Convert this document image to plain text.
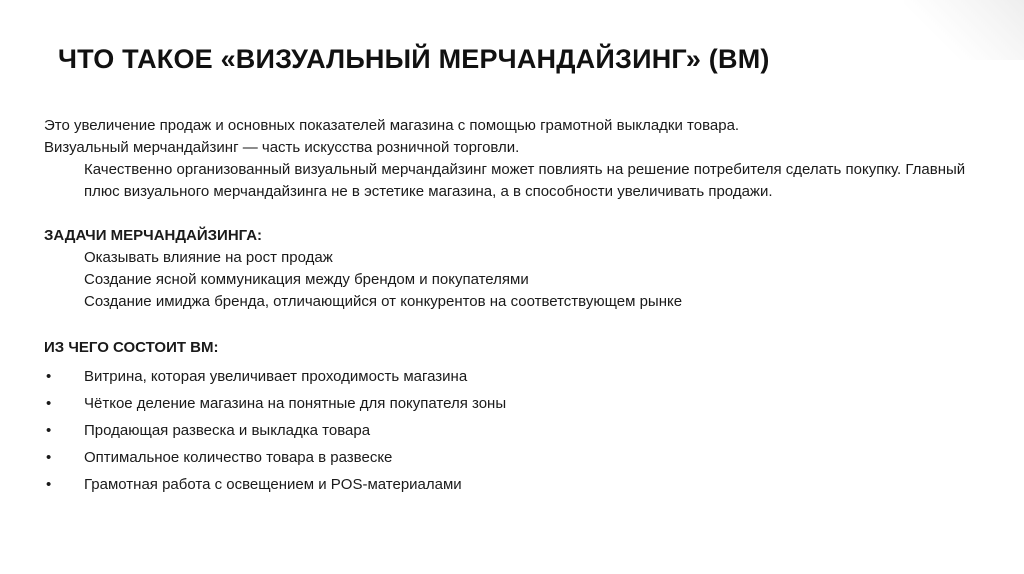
ЧТО ТАКОЕ «ВИЗУАЛЬНЫЙ МЕРЧАНДАЙЗИНГ» (ВМ)

Это увеличение продаж и основных показателей магазина с помощью грамотной выкладки товара.

Визуальный мерчандайзинг — часть искусства розничной торговли.

Качественно организованный визуальный мерчандайзинг может повлиять на решение потребителя сделать покупку. Главный плюс визуального мерчандайзинга не в эстетике магазина, а в способности увеличивать продажи.

ЗАДАЧИ МЕРЧАНДАЙЗИНГА:

Оказывать влияние на рост продаж
Создание ясной коммуникация между брендом и покупателями
Создание имиджа бренда, отличающийся от конкурентов на соответствующем рынке

ИЗ ЧЕГО СОСТОИТ ВМ:

• Витрина, которая увеличивает проходимость магазина
• Чёткое деление магазина на понятные для покупателя зоны
• Продающая развеска и выкладка товара
• Оптимальное количество товара в развеске
• Грамотная работа с освещением и POS-материалами
